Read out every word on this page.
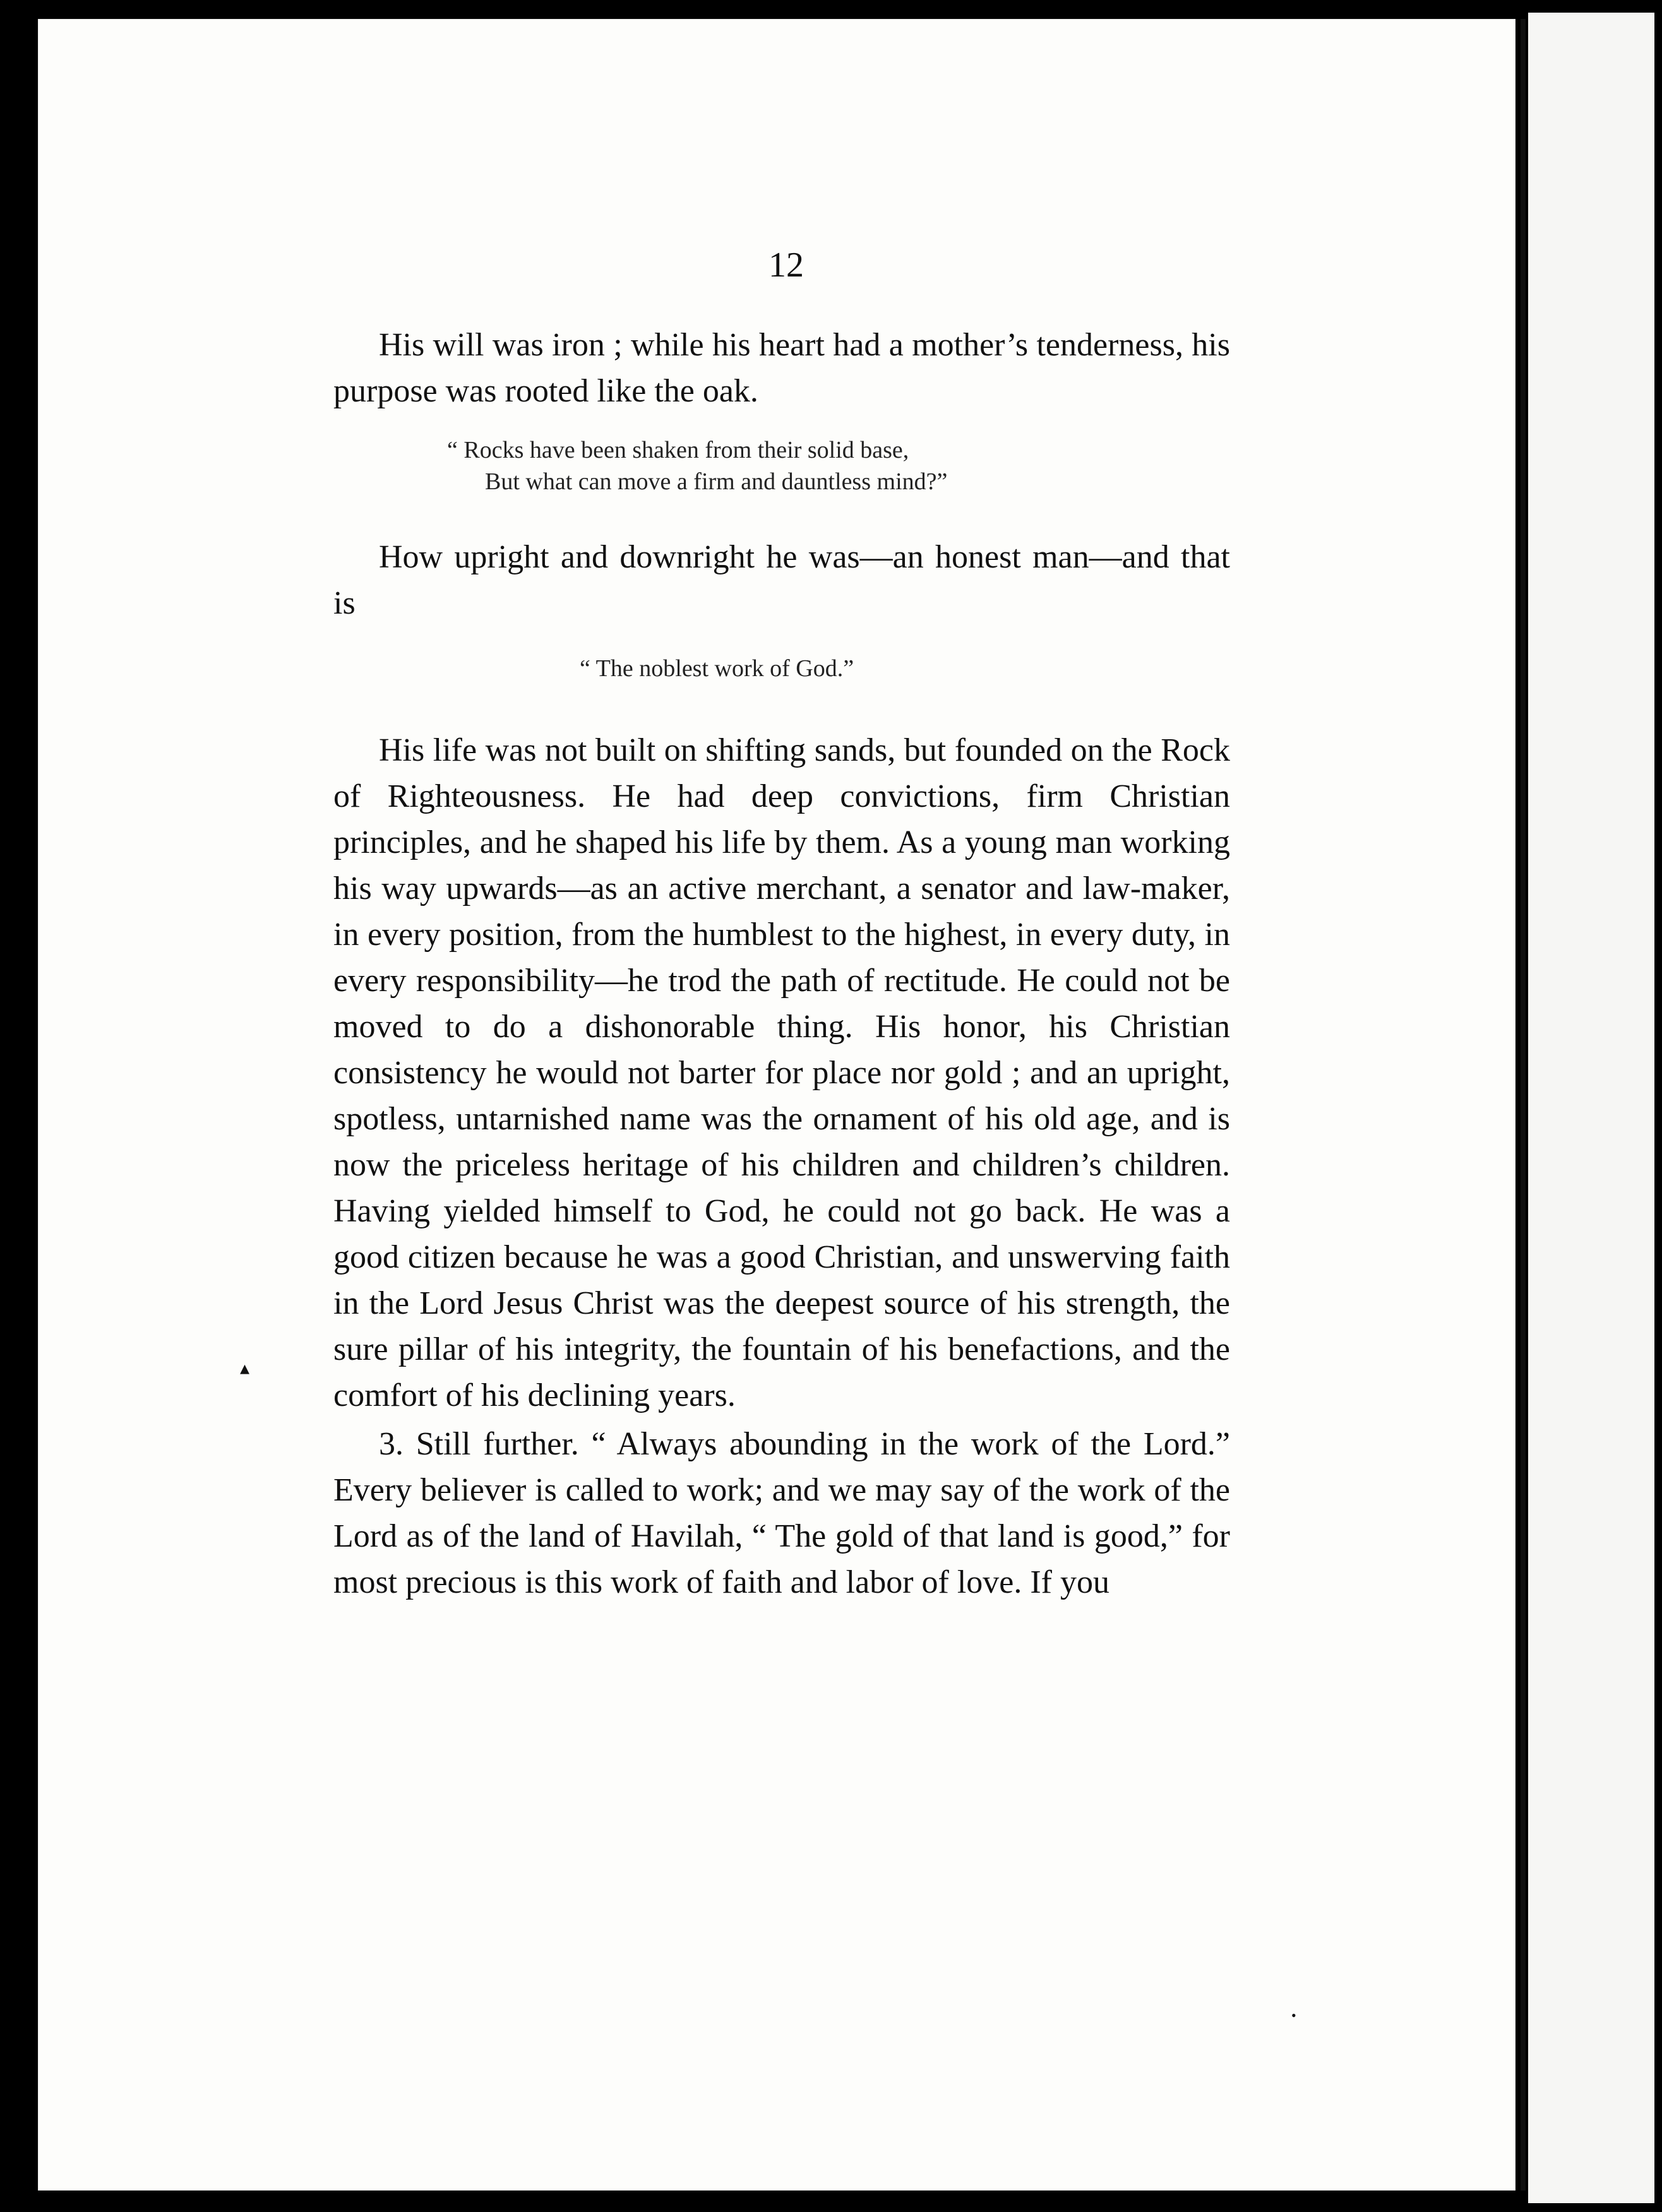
12

His will was iron ; while his heart had a mother’s tenderness, his purpose was rooted like the oak.

“ Rocks have been shaken from their solid base,
But what can move a firm and dauntless mind?”

How upright and downright he was—an honest man—and that is

“ The noblest work of God.”

His life was not built on shifting sands, but founded on the Rock of Righteousness. He had deep convictions, firm Christian principles, and he shaped his life by them. As a young man working his way upwards—as an active merchant, a senator and law-maker, in every position, from the humblest to the highest, in every duty, in every responsibility—he trod the path of rectitude. He could not be moved to do a dishonorable thing. His honor, his Christian consistency he would not barter for place nor gold ; and an upright, spotless, untarnished name was the ornament of his old age, and is now the priceless heritage of his children and children’s children. Having yielded himself to God, he could not go back. He was a good citizen because he was a good Christian, and unswerving faith in the Lord Jesus Christ was the deepest source of his strength, the sure pillar of his integrity, the fountain of his benefactions, and the comfort of his declining years.

3. Still further. “ Always abounding in the work of the Lord.” Every believer is called to work; and we may say of the work of the Lord as of the land of Havilah, “ The gold of that land is good,” for most precious is this work of faith and labor of love. If you

▴
•
